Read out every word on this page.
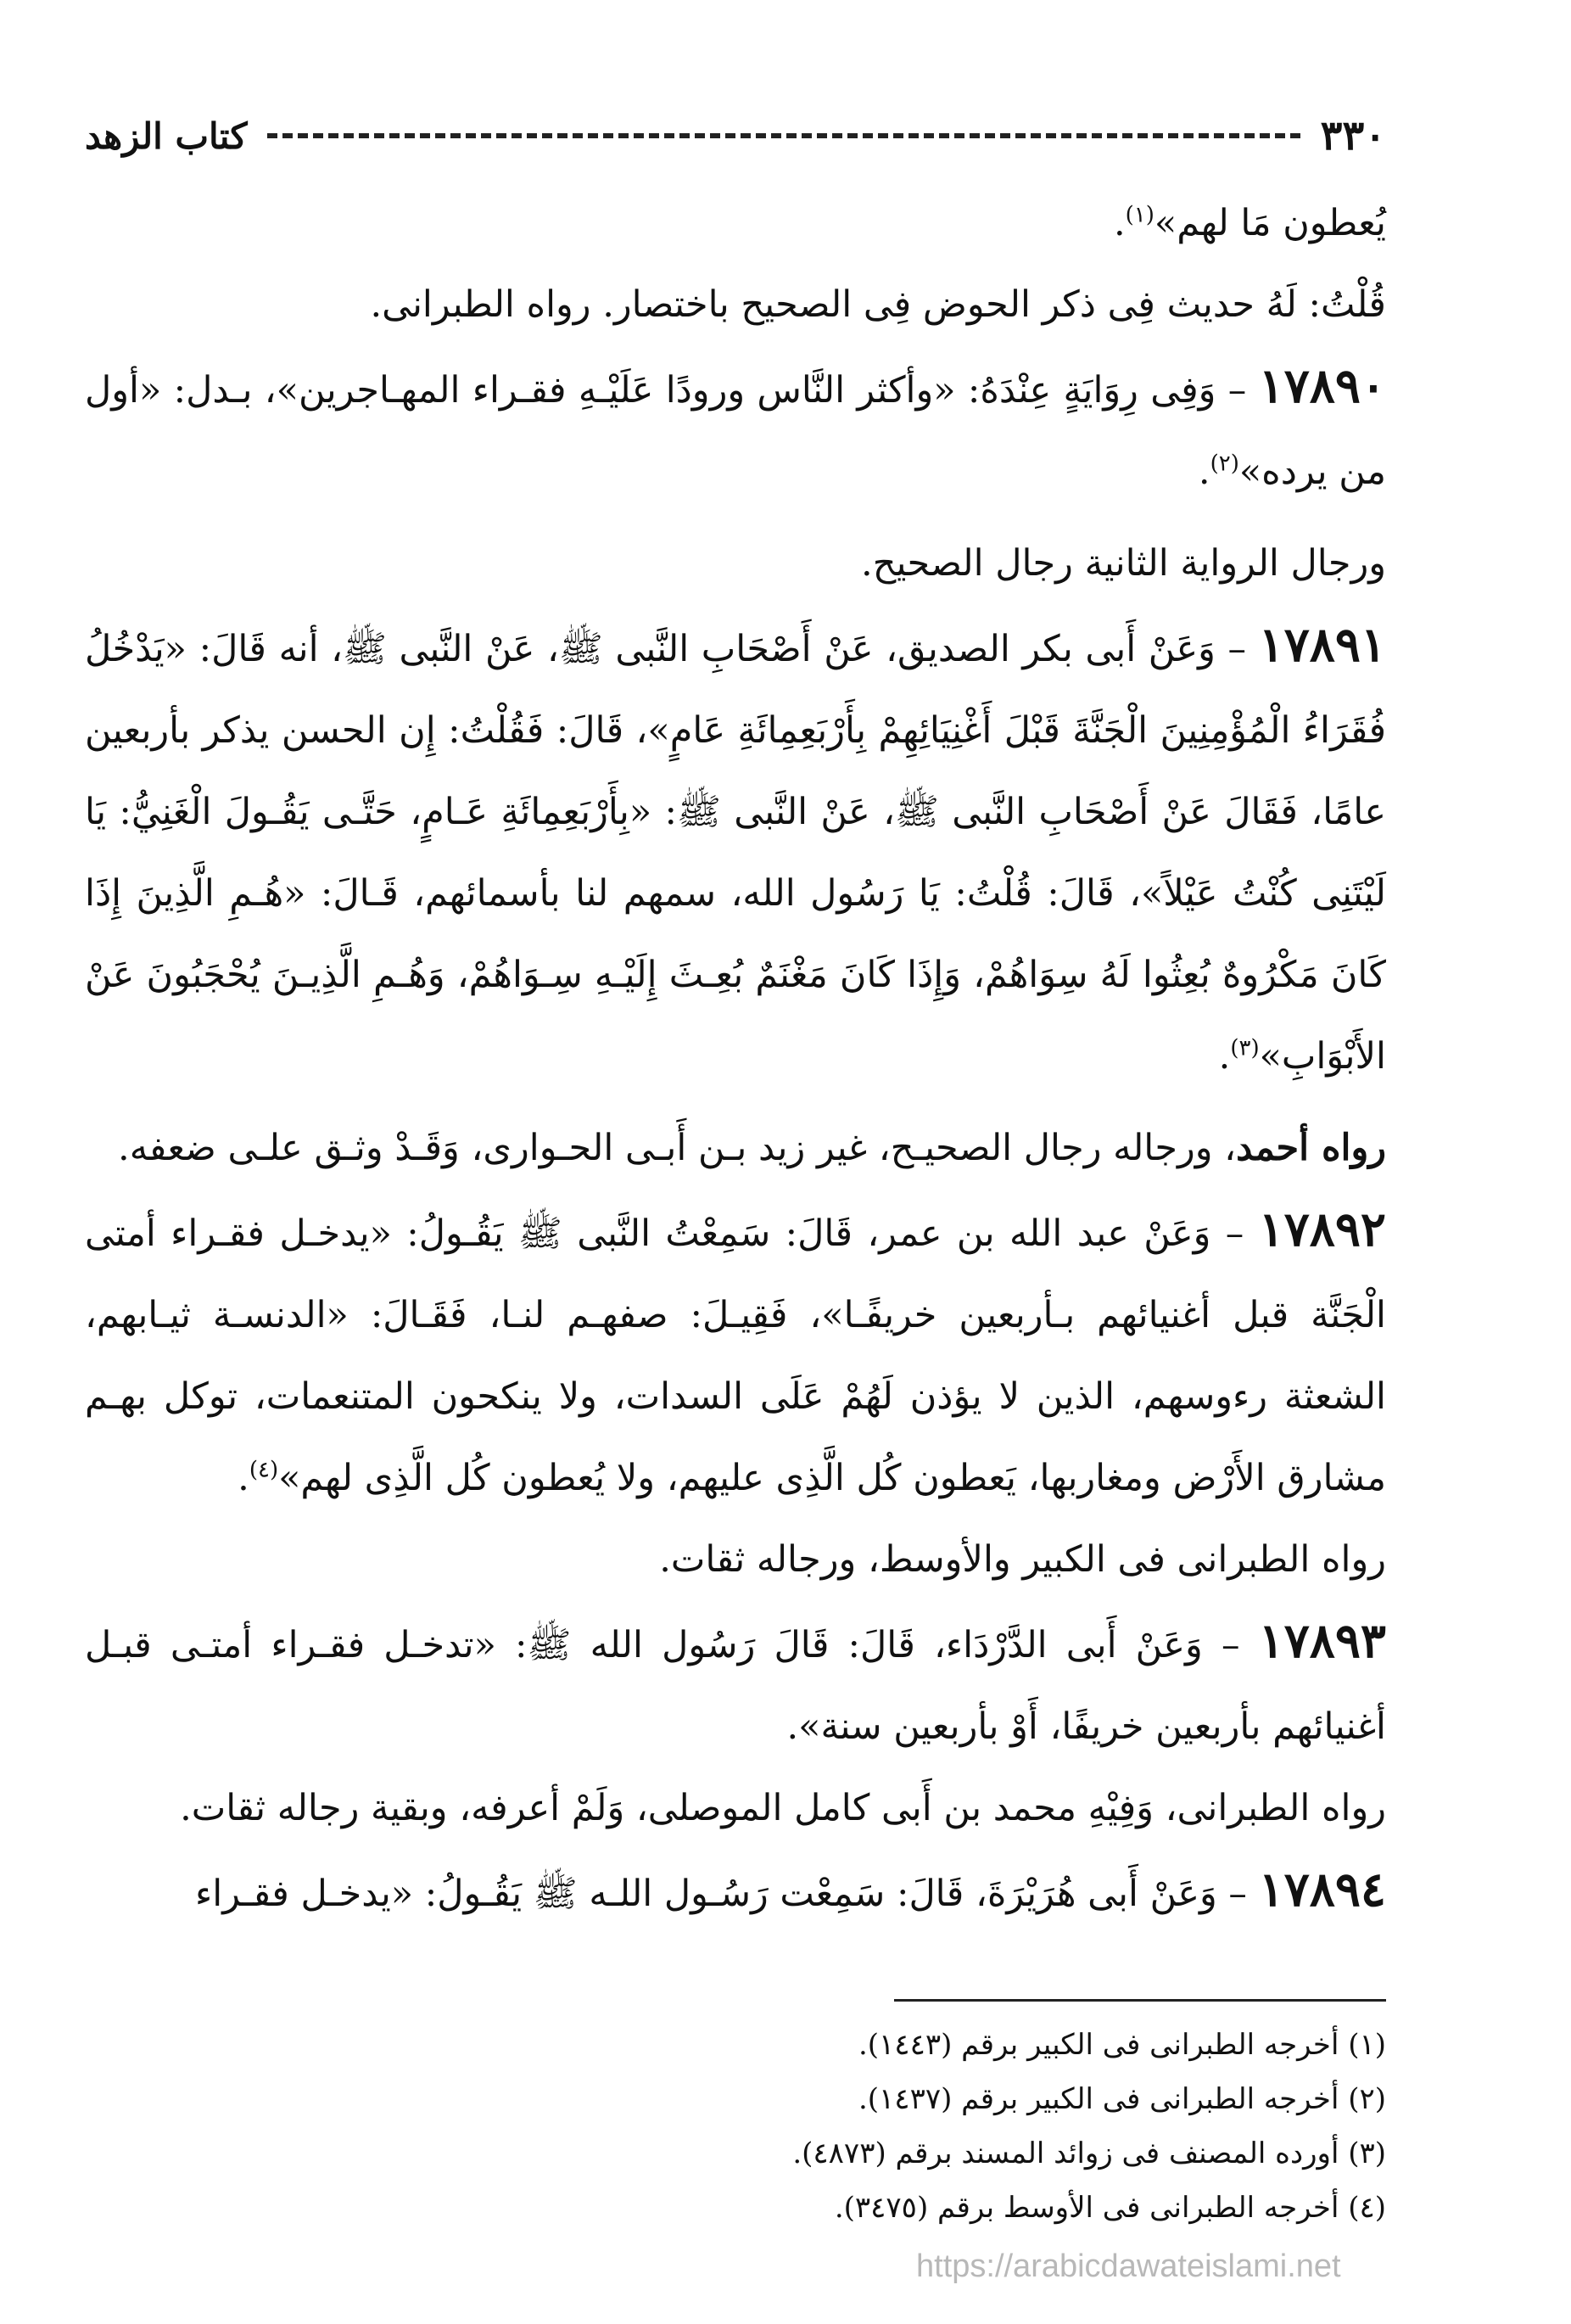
٣٣٠
كتاب الزهد

يُعطون مَا لهم»$^{(١)}$.

قُلْتُ: لَهُ حديث فِى ذكر الحوض فِى الصحيح باختصار. رواه الطبرانى.

١٧٨٩٠ – وَفِى رِوَايَةٍ عِنْدَهُ: «وأكثر النَّاس ورودًا عَلَيْـهِ فقـراء المهـاجرين»، بـدل: «أول من يرده»$^{(٢)}$.

ورجال الرواية الثانية رجال الصحيح.

١٧٨٩١ – وَعَنْ أَبى بكر الصديق، عَنْ أَصْحَابِ النَّبى ﷺ، عَنْ النَّبى ﷺ، أنه قَالَ: «يَدْخُلُ فُقَرَاءُ الْمُؤْمِنِينَ الْجَنَّةَ قَبْلَ أَغْنِيَائِهِمْ بِأَرْبَعِمِائَةِ عَامٍ»، قَالَ: فَقُلْتُ: إِن الحسن يذكر بأربعين عامًا، فَقَالَ عَنْ أَصْحَابِ النَّبى ﷺ، عَنْ النَّبى ﷺ: «بِأَرْبَعِمِائَةِ عَـامٍ، حَتَّـى يَقُـولَ الْغَنِيُّ: يَا لَيْتَنِى كُنْتُ عَيْلاً»، قَالَ: قُلْتُ: يَا رَسُول الله، سمهم لنا بأسمائهم، قَـالَ: «هُـمِ الَّذِينَ إِذَا كَانَ مَكْرُوهٌ بُعِثُوا لَهُ سِوَاهُمْ، وَإِذَا كَانَ مَغْنَمٌ بُعِـثَ إِلَيْـهِ سِـوَاهُمْ، وَهُـمِ الَّذِيـنَ يُحْجَبُونَ عَنْ الأَبْوَابِ»$^{(٣)}$.

رواه أحمد، ورجاله رجال الصحيـح، غير زيد بـن أَبـى الحـوارى، وَقَـدْ وثـق علـى ضعفه.

١٧٨٩٢ – وَعَنْ عبد الله بن عمر، قَالَ: سَمِعْتُ النَّبى ﷺ يَقُـولُ: «يدخـل فقـراء أمتى الْجَنَّة قبل أغنيائهم بـأربعين خريفًـا»، فَقِيـلَ: صفهـم لنـا، فَقَـالَ: «الدنسـة ثيـابهم، الشعثة رءوسهم، الذين لا يؤذن لَهُمْ عَلَى السدات، ولا ينكحون المتنعمات، توكل بهـم مشارق الأَرْض ومغاربها، يَعطون كُل الَّذِى عليهم، ولا يُعطون كُل الَّذِى لهم»$^{(٤)}$.

رواه الطبرانى فى الكبير والأوسط، ورجاله ثقات.

١٧٨٩٣ – وَعَنْ أَبى الدَّرْدَاء، قَالَ: قَالَ رَسُول الله ﷺ: «تدخـل فقـراء أمتـى قبـل أغنيائهم بأربعين خريفًا، أَوْ بأربعين سنة».

رواه الطبرانى، وَفِيْهِ محمد بن أَبى كامل الموصلى، وَلَمْ أعرفه، وبقية رجاله ثقات.

١٧٨٩٤ – وَعَنْ أَبى هُرَيْرَةَ، قَالَ: سَمِعْت رَسُـول اللـه ﷺ يَقُـولُ: «يدخـل فقـراء

(١) أخرجه الطبرانى فى الكبير برقم (١٤٤٣).
(٢) أخرجه الطبرانى فى الكبير برقم (١٤٣٧).
(٣) أورده المصنف فى زوائد المسند برقم (٤٨٧٣).
(٤) أخرجه الطبرانى فى الأوسط برقم (٣٤٧٥).
https://arabicdawateislami.net
